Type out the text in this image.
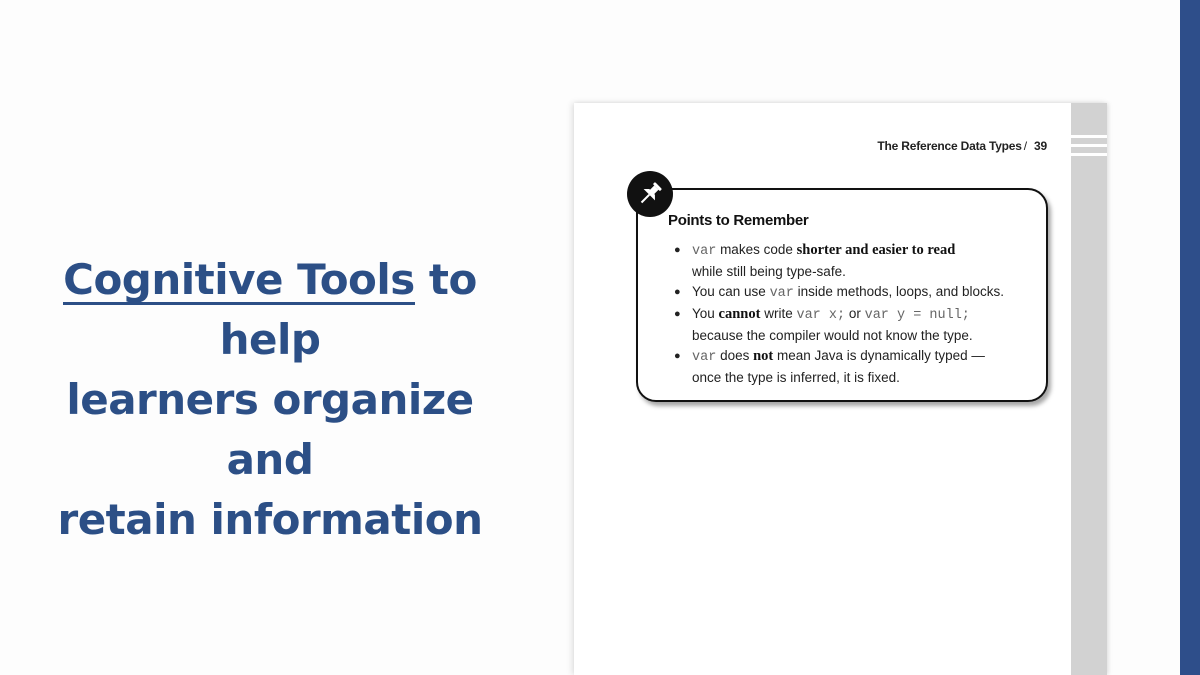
Cognitive Tools to help
learners organize and
retain information
The Reference Data Types / 39
Points to Remember
● var makes code shorter and easier to read
while still being type-safe.
● You can use var inside methods, loops, and blocks.
● You cannot write var x; or var y = null;
because the compiler would not know the type.
● var does not mean Java is dynamically typed —
once the type is inferred, it is fixed.
